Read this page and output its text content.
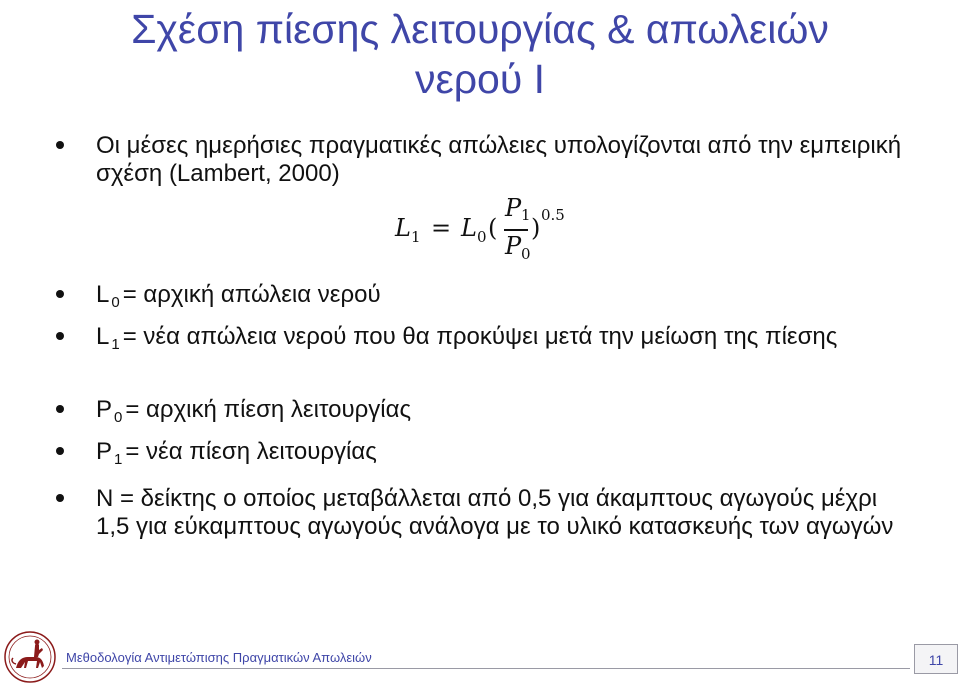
Σχέση πίεσης λειτουργίας & απωλειών
νερού Ι
Οι μέσες ημερήσιες πραγματικές απώλειες υπολογίζονται από την εμπειρική σχέση (Lambert, 2000)
L 1 = L 0 (
P 1
P 0
) 0.5
L $_0$ = αρχική απώλεια νερού
L $_1$ = νέα απώλεια νερού που θα προκύψει μετά την μείωση της πίεσης
P $_0$ = αρχική πίεση λειτουργίας
P $_1$ = νέα πίεση λειτουργίας
N = δείκτης ο οποίος μεταβάλλεται από 0,5 για άκαμπτους αγωγούς μέχρι 1,5 για εύκαμπτους αγωγούς ανάλογα με το υλικό κατασκευής των αγωγών
Μεθοδολογία Αντιμετώπισης Πραγματικών Απωλειών	11
